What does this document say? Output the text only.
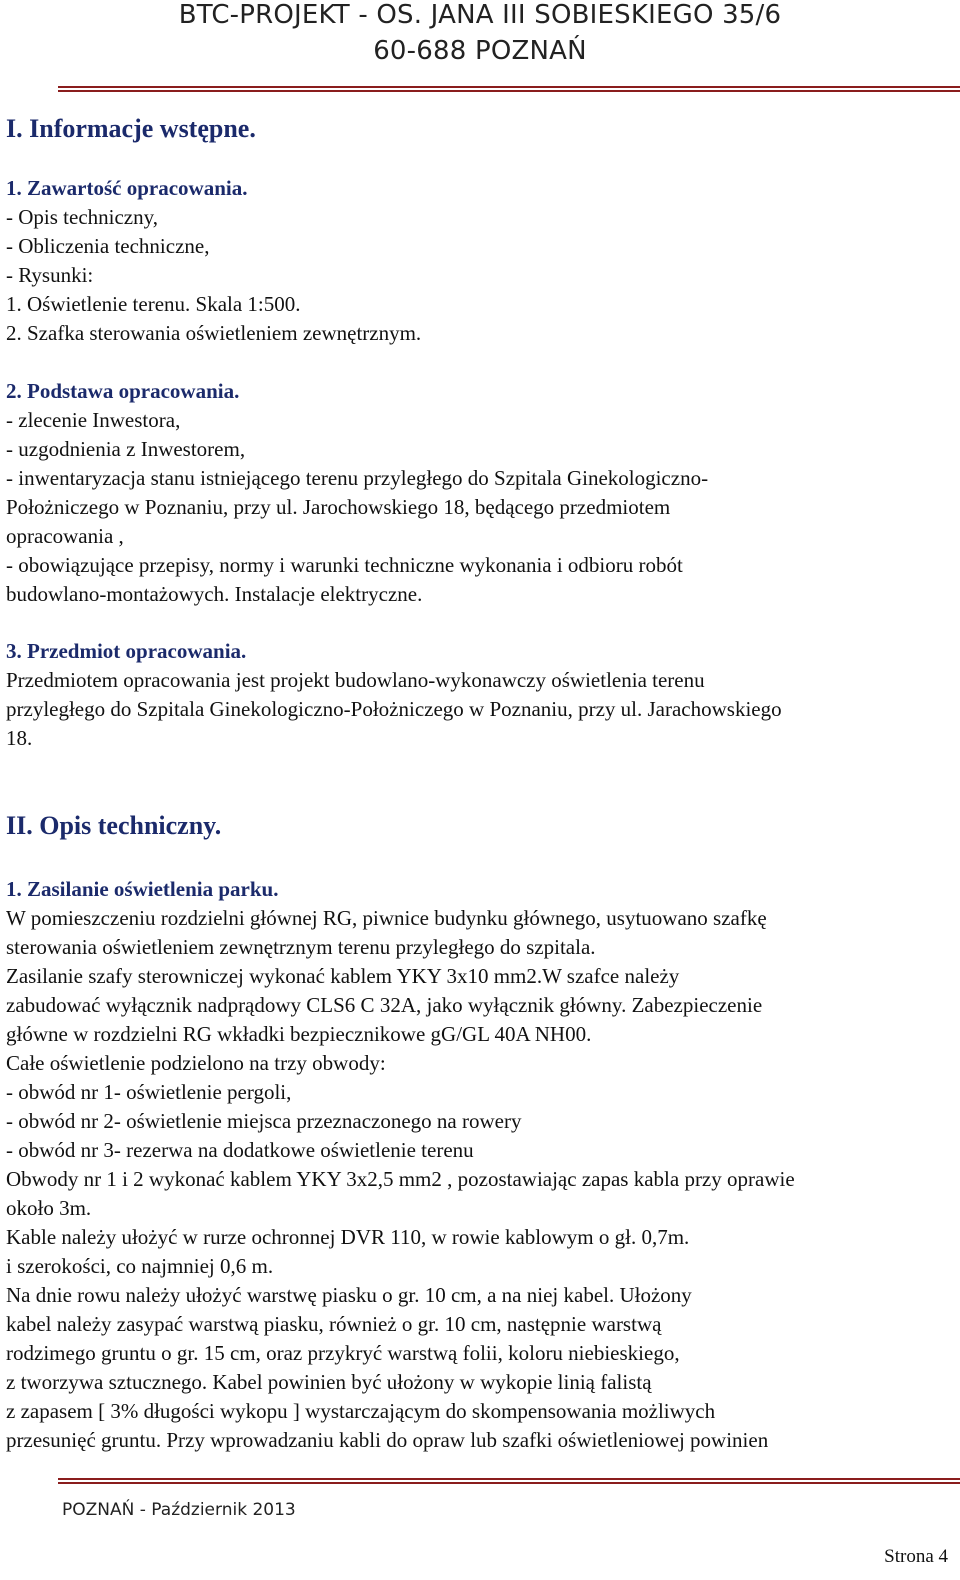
BTC-PROJEKT - OS. JANA III SOBIESKIEGO 35/6
60-688 POZNAŃ
I. Informacje wstępne.
1. Zawartość opracowania.
- Opis techniczny,
- Obliczenia techniczne,
- Rysunki:
1. Oświetlenie terenu. Skala 1:500.
2. Szafka sterowania oświetleniem zewnętrznym.
2. Podstawa opracowania.
- zlecenie Inwestora,
- uzgodnienia z Inwestorem,
- inwentaryzacja stanu istniejącego terenu przyległego do Szpitala Ginekologiczno-
Położniczego w Poznaniu, przy ul. Jarochowskiego 18, będącego przedmiotem
opracowania ,
- obowiązujące przepisy, normy i warunki techniczne wykonania i odbioru robót
budowlano-montażowych. Instalacje elektryczne.
3. Przedmiot opracowania.
Przedmiotem opracowania jest projekt budowlano-wykonawczy oświetlenia terenu
przyległego do Szpitala Ginekologiczno-Położniczego w Poznaniu, przy ul. Jarachowskiego
18.
II. Opis techniczny.
1. Zasilanie oświetlenia parku.
W pomieszczeniu rozdzielni głównej RG, piwnice budynku głównego, usytuowano szafkę
sterowania oświetleniem zewnętrznym terenu przyległego do szpitala.
Zasilanie szafy sterowniczej wykonać kablem YKY 3x10 mm2.W szafce należy
zabudować wyłącznik nadprądowy CLS6 C 32A, jako wyłącznik główny. Zabezpieczenie
główne w rozdzielni RG wkładki bezpiecznikowe gG/GL 40A NH00.
Całe oświetlenie podzielono na trzy obwody:
- obwód nr 1- oświetlenie pergoli,
- obwód nr 2- oświetlenie miejsca przeznaczonego na rowery
- obwód nr 3- rezerwa na dodatkowe oświetlenie terenu
Obwody nr 1 i 2 wykonać kablem YKY 3x2,5 mm2 , pozostawiając zapas kabla przy oprawie
około 3m.
Kable należy ułożyć w rurze ochronnej DVR 110, w rowie kablowym o gł. 0,7m.
i szerokości, co najmniej 0,6 m.
Na dnie rowu należy ułożyć warstwę piasku o gr. 10 cm, a na niej kabel. Ułożony
kabel należy zasypać warstwą piasku, również o gr. 10 cm, następnie warstwą
rodzimego gruntu o gr. 15 cm, oraz przykryć warstwą folii, koloru niebieskiego,
z tworzywa sztucznego. Kabel powinien być ułożony w wykopie linią falistą
z zapasem [ 3% długości wykopu ] wystarczającym do skompensowania możliwych
przesunięć gruntu. Przy wprowadzaniu kabli do opraw lub szafki oświetleniowej powinien
POZNAŃ - Październik 2013
Strona 4
